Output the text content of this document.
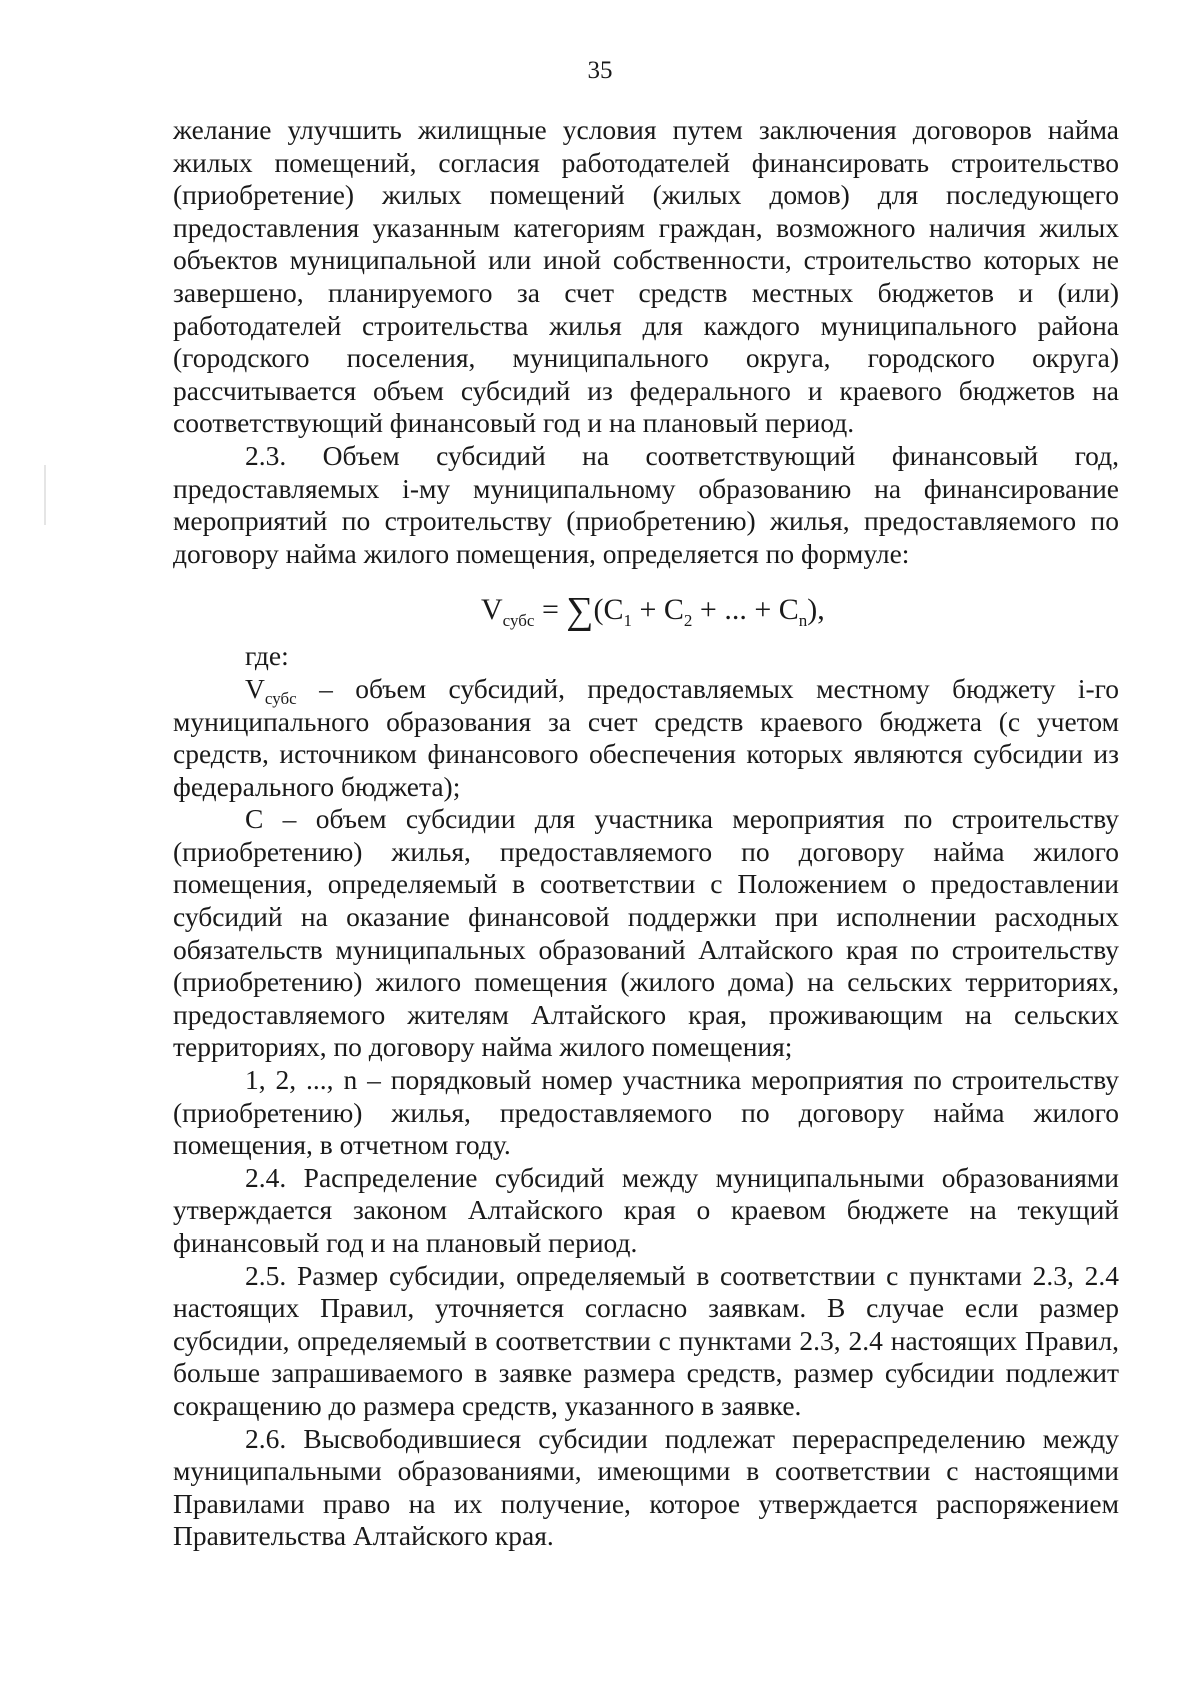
35

желание улучшить жилищные условия путем заключения договоров найма жилых помещений, согласия работодателей финансировать строительство (приобретение) жилых помещений (жилых домов) для последующего предоставления указанным категориям граждан, возможного наличия жилых объектов муниципальной или иной собственности, строительство которых не завершено, планируемого за счет средств местных бюджетов и (или) работодателей строительства жилья для каждого муниципального района (городского поселения, муниципального округа, городского округа) рассчитывается объем субсидий из федерального и краевого бюджетов на соответствующий финансовый год и на плановый период.

2.3. Объем субсидий на соответствующий финансовый год, предоставляемых i-му муниципальному образованию на финансирование мероприятий по строительству (приобретению) жилья, предоставляемого по договору найма жилого помещения, определяется по формуле:

$V_{субс} = \sum(C_1 + C_2$ + ... + $C_n$),

где:

$V_{субс}$ – объем субсидий, предоставляемых местному бюджету i-го муниципального образования за счет средств краевого бюджета (с учетом средств, источником финансового обеспечения которых являются субсидии из федерального бюджета);

С – объем субсидии для участника мероприятия по строительству (приобретению) жилья, предоставляемого по договору найма жилого помещения, определяемый в соответствии с Положением о предоставлении субсидий на оказание финансовой поддержки при исполнении расходных обязательств муниципальных образований Алтайского края по строительству (приобретению) жилого помещения (жилого дома) на сельских территориях, предоставляемого жителям Алтайского края, проживающим на сельских территориях, по договору найма жилого помещения;

1, 2, ..., n – порядковый номер участника мероприятия по строительству (приобретению) жилья, предоставляемого по договору найма жилого помещения, в отчетном году.

2.4. Распределение субсидий между муниципальными образованиями утверждается законом Алтайского края о краевом бюджете на текущий финансовый год и на плановый период.

2.5. Размер субсидии, определяемый в соответствии с пунктами 2.3, 2.4 настоящих Правил, уточняется согласно заявкам. В случае если размер субсидии, определяемый в соответствии с пунктами 2.3, 2.4 настоящих Правил, больше запрашиваемого в заявке размера средств, размер субсидии подлежит сокращению до размера средств, указанного в заявке.

2.6. Высвободившиеся субсидии подлежат перераспределению между муниципальными образованиями, имеющими в соответствии с настоящими Правилами право на их получение, которое утверждается распоряжением Правительства Алтайского края.
